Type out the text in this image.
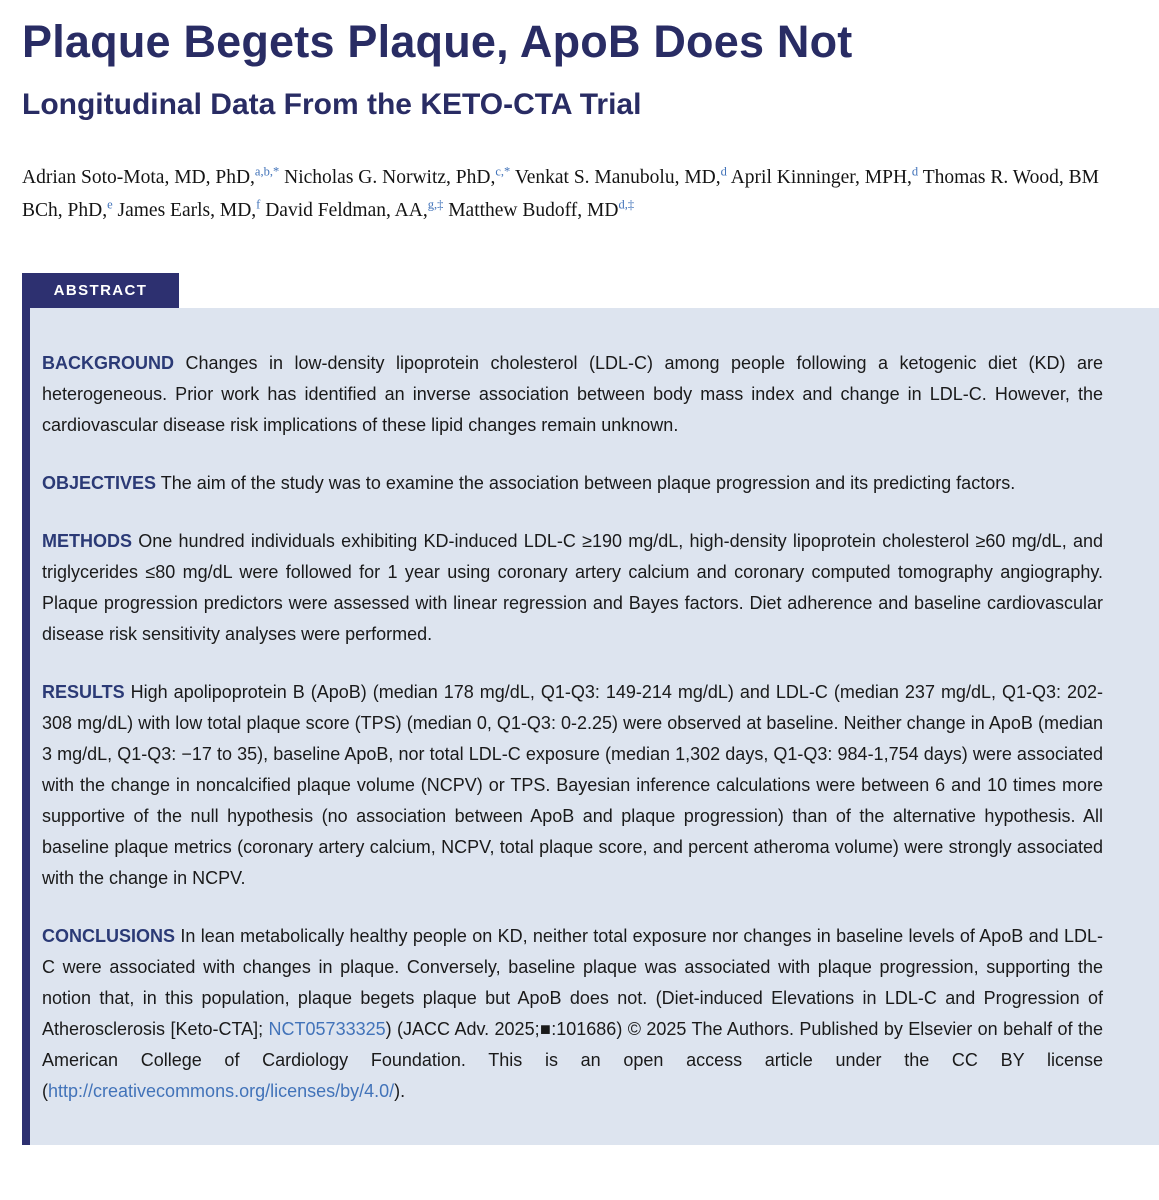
Plaque Begets Plaque, ApoB Does Not
Longitudinal Data From the KETO-CTA Trial

Adrian Soto-Mota, MD, PhD,$^{a,b,*}$ Nicholas G. Norwitz, PhD,$^{c,*}$ Venkat S. Manubolu, MD,$^d$ April Kinninger, MPH,$^d$ Thomas R. Wood, BM BCh, PhD,$^e$ James Earls, MD,$^f$ David Feldman, AA,$^{g,\ddagger}$ Matthew Budoff, MD$^{d,\ddagger}$

ABSTRACT

BACKGROUND Changes in low-density lipoprotein cholesterol (LDL-C) among people following a ketogenic diet (KD) are heterogeneous. Prior work has identified an inverse association between body mass index and change in LDL-C. However, the cardiovascular disease risk implications of these lipid changes remain unknown.

OBJECTIVES The aim of the study was to examine the association between plaque progression and its predicting factors.

METHODS One hundred individuals exhibiting KD-induced LDL-C ≥190 mg/dL, high-density lipoprotein cholesterol ≥60 mg/dL, and triglycerides ≤80 mg/dL were followed for 1 year using coronary artery calcium and coronary computed tomography angiography. Plaque progression predictors were assessed with linear regression and Bayes factors. Diet adherence and baseline cardiovascular disease risk sensitivity analyses were performed.

RESULTS High apolipoprotein B (ApoB) (median 178 mg/dL, Q1-Q3: 149-214 mg/dL) and LDL-C (median 237 mg/dL, Q1-Q3: 202-308 mg/dL) with low total plaque score (TPS) (median 0, Q1-Q3: 0-2.25) were observed at baseline. Neither change in ApoB (median 3 mg/dL, Q1-Q3: −17 to 35), baseline ApoB, nor total LDL-C exposure (median 1,302 days, Q1-Q3: 984-1,754 days) were associated with the change in noncalcified plaque volume (NCPV) or TPS. Bayesian inference calculations were between 6 and 10 times more supportive of the null hypothesis (no association between ApoB and plaque progression) than of the alternative hypothesis. All baseline plaque metrics (coronary artery calcium, NCPV, total plaque score, and percent atheroma volume) were strongly associated with the change in NCPV.

CONCLUSIONS In lean metabolically healthy people on KD, neither total exposure nor changes in baseline levels of ApoB and LDL-C were associated with changes in plaque. Conversely, baseline plaque was associated with plaque progression, supporting the notion that, in this population, plaque begets plaque but ApoB does not. (Diet-induced Elevations in LDL-C and Progression of Atherosclerosis [Keto-CTA]; NCT05733325) (JACC Adv. 2025;■:101686) © 2025 The Authors. Published by Elsevier on behalf of the American College of Cardiology Foundation. This is an open access article under the CC BY license (http://creativecommons.org/licenses/by/4.0/).
